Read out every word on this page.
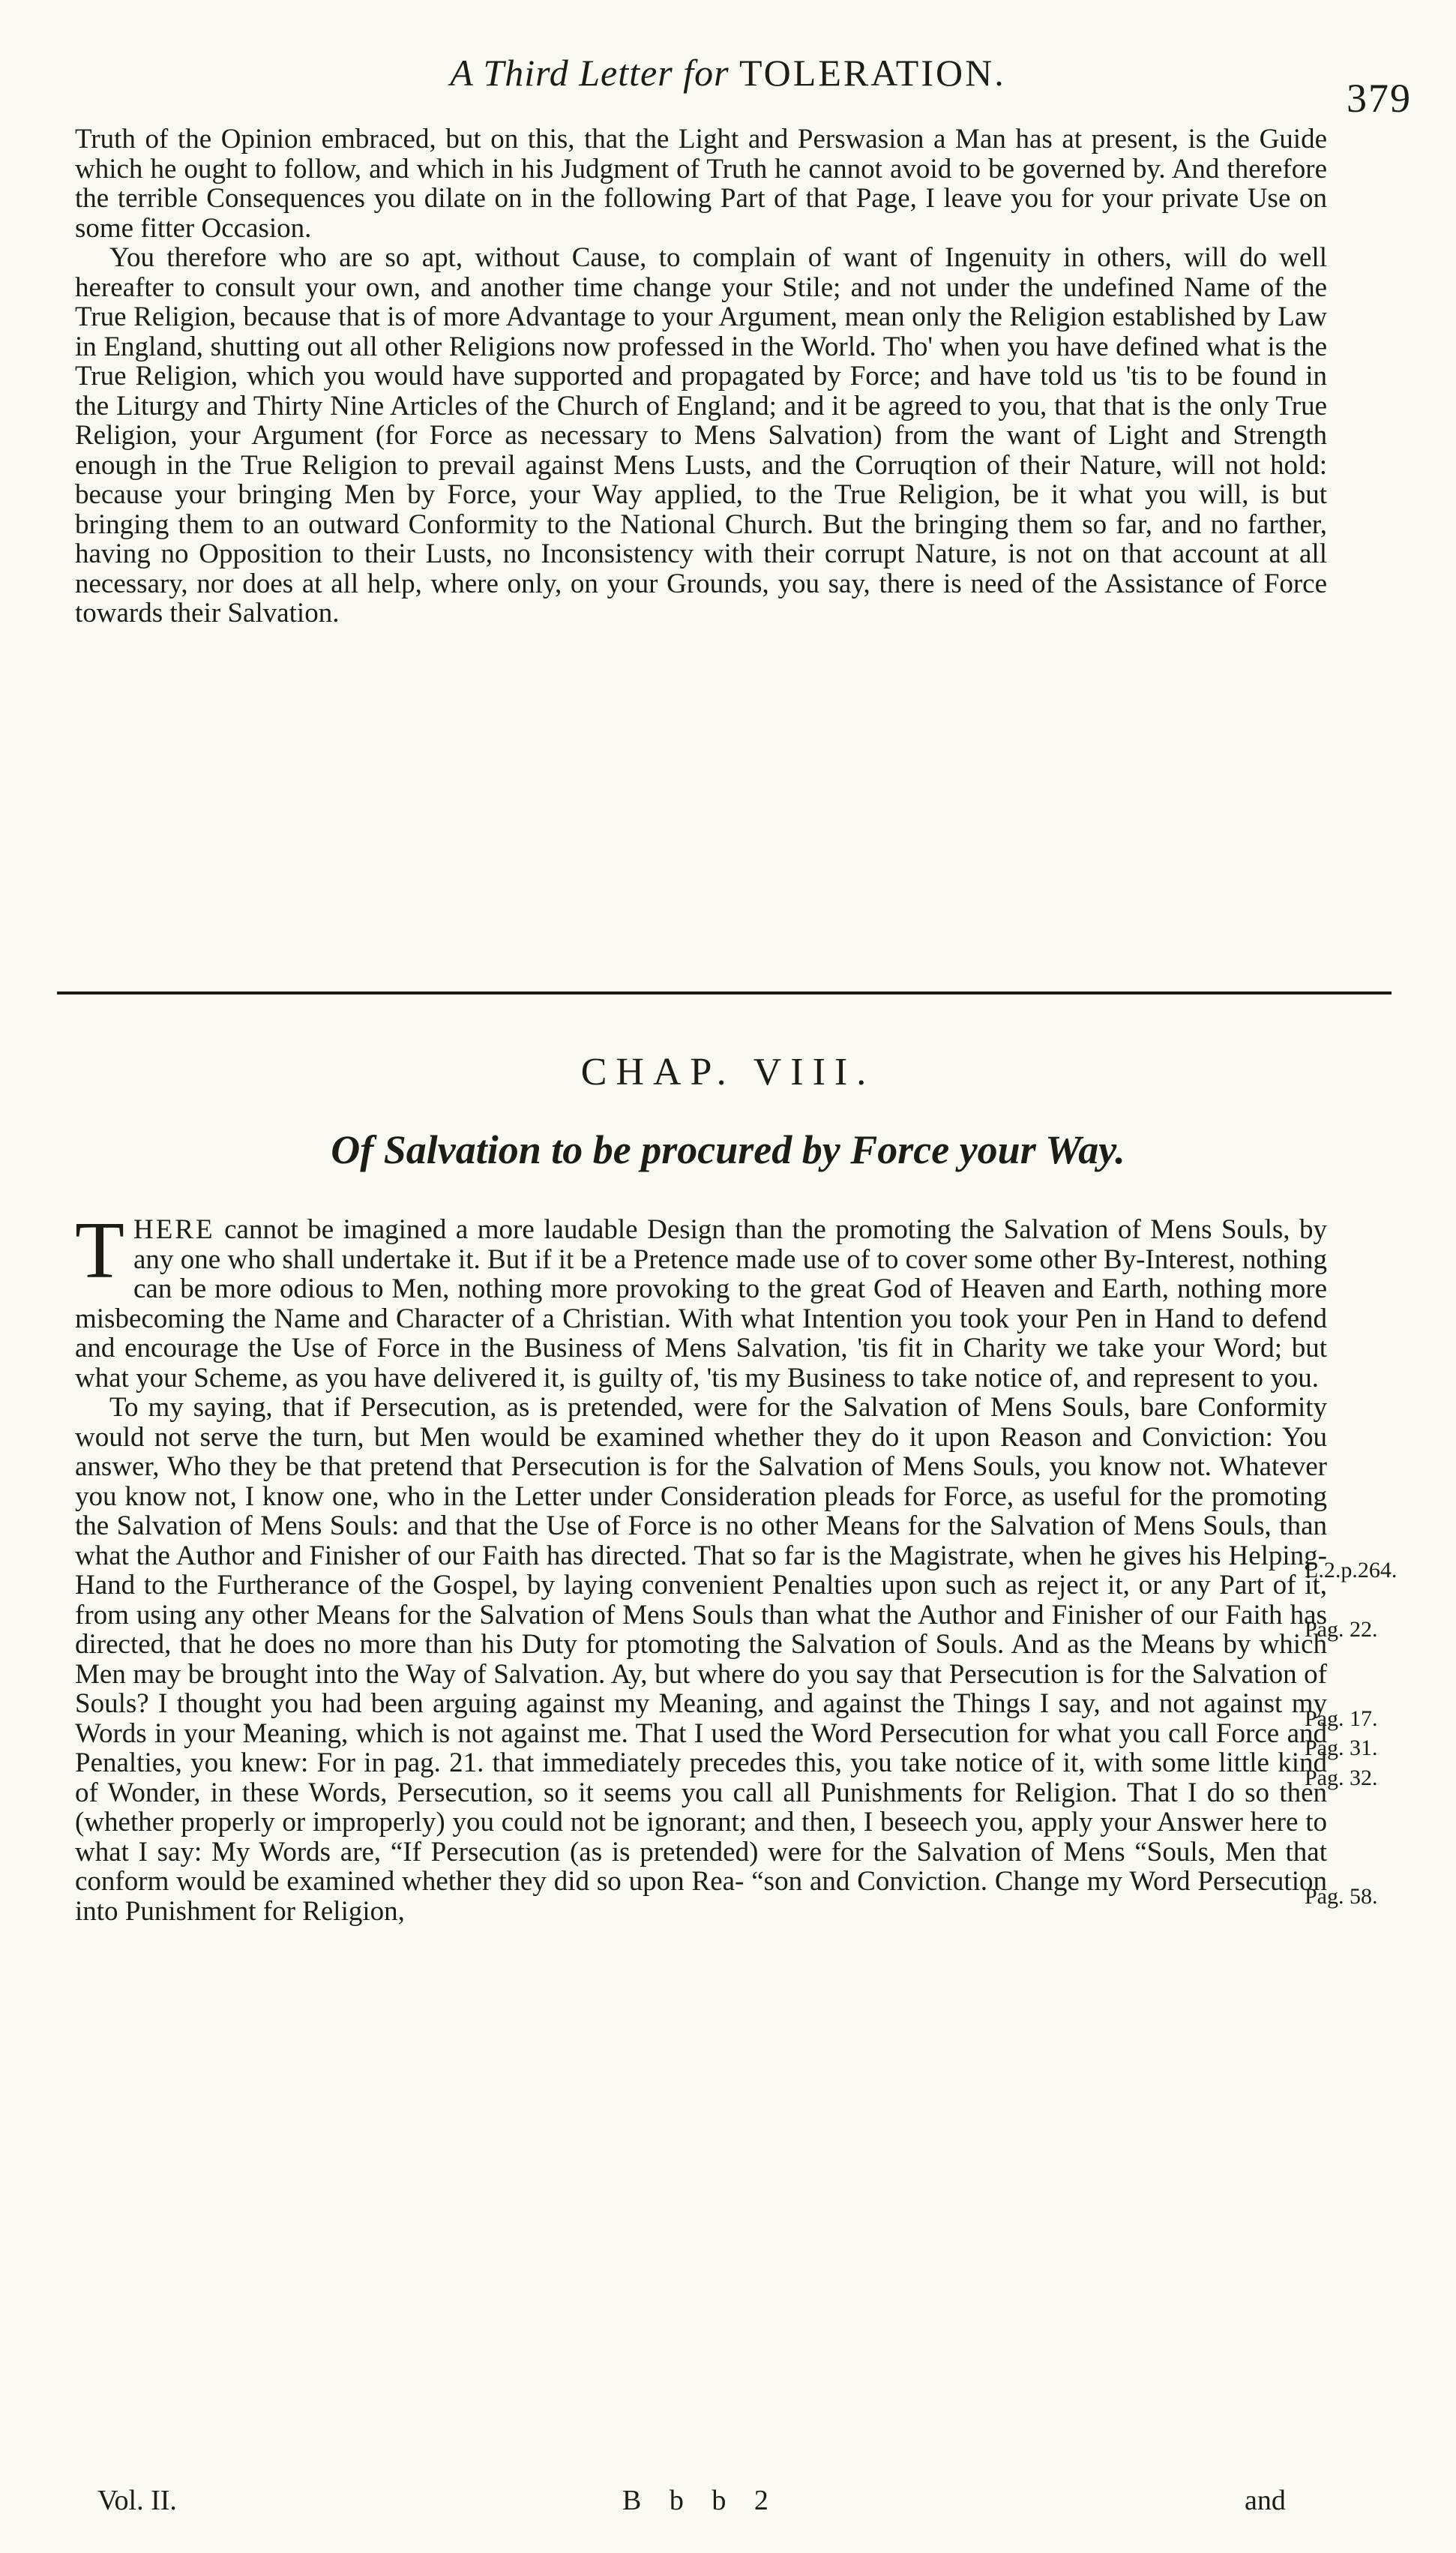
A Third Letter for TOLERATION.
379

Truth of the Opinion embraced, but on this, that the Light and Perswasion a Man has at present, is the Guide which he ought to follow, and which in his Judgment of Truth he cannot avoid to be governed by. And therefore the terrible Consequences you dilate on in the following Part of that Page, I leave you for your private Use on some fitter Occasion.

You therefore who are so apt, without Cause, to complain of want of Ingenuity in others, will do well hereafter to consult your own, and another time change your Stile; and not under the undefined Name of the True Religion, because that is of more Advantage to your Argument, mean only the Religion established by Law in England, shutting out all other Religions now professed in the World. Tho' when you have defined what is the True Religion, which you would have supported and propagated by Force; and have told us 'tis to be found in the Liturgy and Thirty Nine Articles of the Church of England; and it be agreed to you, that that is the only True Religion, your Argument (for Force as necessary to Mens Salvation) from the want of Light and Strength enough in the True Religion to prevail against Mens Lusts, and the Corruqtion of their Nature, will not hold: because your bringing Men by Force, your Way applied, to the True Religion, be it what you will, is but bringing them to an outward Conformity to the National Church. But the bringing them so far, and no farther, having no Opposition to their Lusts, no Inconsistency with their corrupt Nature, is not on that account at all necessary, nor does at all help, where only, on your Grounds, you say, there is need of the Assistance of Force towards their Salvation.

CHAP. VIII.
Of Salvation to be procured by Force your Way.

THERE cannot be imagined a more laudable Design than the promoting the Salvation of Mens Souls, by any one who shall undertake it. But if it be a Pretence made use of to cover some other By-Interest, nothing can be more odious to Men, nothing more provoking to the great God of Heaven and Earth, nothing more misbecoming the Name and Character of a Christian. With what Intention you took your Pen in Hand to defend and encourage the Use of Force in the Business of Mens Salvation, 'tis fit in Charity we take your Word; but what your Scheme, as you have delivered it, is guilty of, 'tis my Business to take notice of, and represent to you.

To my saying, that if Persecution, as is pretended, were for the Salvation of Mens Souls, bare Conformity would not serve the turn, but Men would be examined whether they do it upon Reason and Conviction: You answer, Who they be that pretend that Persecution is for the Salvation of Mens Souls, you know not. Whatever you know not, I know one, who in the Letter under Consideration pleads for Force, as useful for the promoting the Salvation of Mens Souls: and that the Use of Force is no other Means for the Salvation of Mens Souls, than what the Author and Finisher of our Faith has directed. That so far is the Magistrate, when he gives his Helping-Hand to the Furtherance of the Gospel, by laying convenient Penalties upon such as reject it, or any Part of it, from using any other Means for the Salvation of Mens Souls than what the Author and Finisher of our Faith has directed, that he does no more than his Duty for ptomoting the Salvation of Souls. And as the Means by which Men may be brought into the Way of Salvation. Ay, but where do you say that Persecution is for the Salvation of Souls? I thought you had been arguing against my Meaning, and against the Things I say, and not against my Words in your Meaning, which is not against me. That I used the Word Persecution for what you call Force and Penalties, you knew: For in pag. 21. that immediately precedes this, you take notice of it, with some little kind of Wonder, in these Words, Persecution, so it seems you call all Punishments for Religion. That I do so then (whether properly or improperly) you could not be ignorant; and then, I beseech you, apply your Answer here to what I say: My Words are, “If Persecution (as is pretended) were for the Salvation of Mens “Souls, Men that conform would be examined whether they did so upon Rea- “son and Conviction. Change my Word Persecution into Punishment for Religion,

L.2.p.264.
Pag. 22.
Pag. 17.
Pag. 31.
Pag. 32.
Pag. 58.
Vol. II.	B b b 2	and
